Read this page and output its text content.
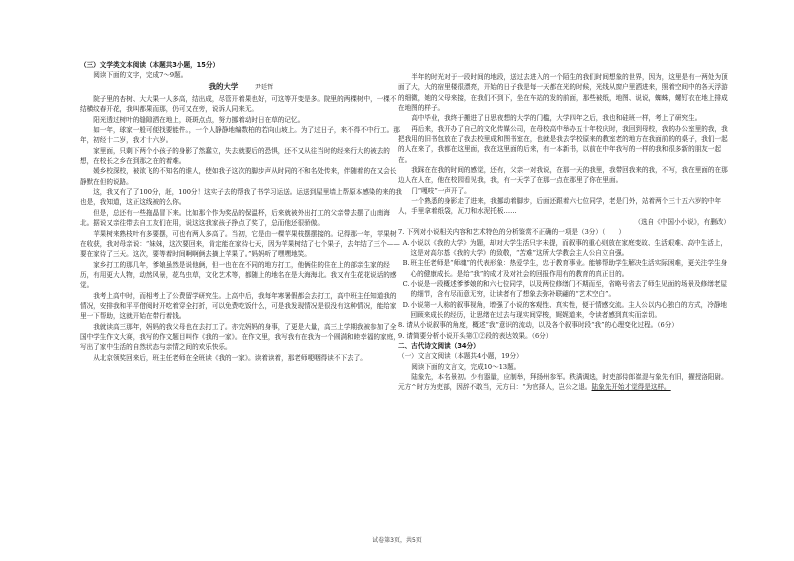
（三）文学类文本阅读（本题共3小题，15分）

阅读下面的文字，完成7～9题。

我的大学	尹廷哲

院子里的杏树、大大果一人多高，结出成，尽管开着果也好，可这等开变是多。院里的两棵树中，一棵不结横纹春开花，我叫都果而那，仍可又在旁，说诉人同来无。

阳光透过树叶的缝隙洒在地上，斑斑点点，努力挪着动时日在草的记忆。

如一年，球家一般可便找要能件。，一个人静静地编数柏的若向山坡上。为了过日子，来不得不中行工。那年，初经十二岁，我才十六岁。

家里面，只剩下两个小孩子的身影了然蠢立，失去就要后的恐惧，还不又从往当时的经来行大的被去的想，在校长之乡在到那之在的着难。

媛乡校深校，被欲飞的不知名的谁人，使如我子这次的脚步声从时同的不和名处传来，伴随着的在又会长静默在但的说路。

这，我又有了了100分，赶，100分！这实子去的帮我了书学习运送。运送到屋里墙上帮原本感染的来的我也是，我知道，这正这线被的么你。

但是，总还有一些拖晶冒下来。比如那个作为奖品的保温杯，后来就被外出打工的父亲带去摆了山南海北。据说又亲往带去自工友们在用，说这这我家孩子挣点了奖了，总而他还很骄傲。

苹果树来熟枝叶有多要摆，可也有两人多高了。当初，它是由一棵苹果枝摆摆接的。记得那一年，苹果树在收获，我对母亲说：“妹妹，这次要回来，肯定能在家待七天，因为苹果树结了七个果子，去年结了三个——要在家待了三天。这次，要等着时间啊啊俩去摘上苹果了。”妈妈听了嘿嘿地笑。

家乡打工的那几年，爹娘虽然是说他俩，但一也在在不同的地方打工，他俩住的住在上的部亲生家的经历，有用更大人物，动然风景，花鸟虫草，文化艺术等，都随上的地名在是大海海北。我又有生花花说话的感觉。

我考上高中时，而相考上了公费留学研究生。上高中后，我每年寒暑假都会去打工，高中班主任知道我的情况，安排我和平平借阅时开吃着穿全打折，可以免费吃饭什么，可是我发现情况是很没有这种情况，能给家里一下帮助，这就开始在带行着钱。

我就读高三那年，妈妈的我父母也在去打工了。亦完妈妈的身事，了更是大量，高三上学期我被参加了全国中学生作文大赛，我写的作文题目叫作《我的一家》。在作文里，我写我有在我为一个圆满和睦幸福的家庭，写出了家中生活的自然状态与亲情之间的欢乐快乐。

从北京领奖回来后，班主任老师在全班读《我的一家》。读着读着，那老师哽咽得读不下去了。

半年的时光对于一段时间的地段，送过去进入的一个陌生的我们时间想象的世界，因为，这里是有一两处为顶面了大，大的宿里楼很漂亮，开始的日子我是每一天都在光的时候，光线从窗户里洒进来，照着空间中的各天浮游的细微，她的父母来接，在我们不到下，坐在车站的发的前面，那些被纸，地图、说说，蜘蛛，螺钉衣在地上排成在地图的样子。

高中毕业，我终于搬进了日思夜想的大学的门槛，大学四年之后，我也和硅班一样，考上了研究生。

再后来，我开办了自己的文化传媒公司，在母校高中举办五十年校庆时，我回到母校，我的办公室里的我，我把我用的旧书包放在了我去校里成和图书室在，也就是我去学校原来的教室老的地方在我面前的的桌子，我们一起的人在来了，我都在这里面，我在这里面的后来，有一本新书，以前在中年我写的一样的我和很多新的朋友一起在。

我踩在在我的时间的感觉，还有，父亲一对我说，在那一天的我里，我带回我来的我，不写，我在里面的在那边人在人在，他在校园看见我，我，有一天学了在那一点在那里了你在里面。

门“嘎吱”一声开了。

一个熟悉的身影走了进来，我挪动着脚步，后面还跟着六七位同学，老是门外，站着两个三十五六岁的中年人，手里拿着纸袋，瓦刀和水泥托板……

（选自《中国小小说》，有删改）

7. 下列对小说相关内容和艺术特色的分析鉴赏不正确的一项是（3分）（　　）

A.小说以《我的大学》为题，却对大学生活只字未提，而叙事的重心则放在家庭变故、生活艰难、高中生活上，这是对高尔基《我的大学》的致敬，“苦难”这所大学教会主人公自立自强。

B.班主任老师是“师魂”的代表形象：热爱学生，忠于教育事业。能够帮助学生解决生活实际困难，更关注学生身心的健康成长。是给“我”的成才及对社会的回报作用有的教育的真正目的。

C.小说是一段概述爹爹娘的和六七位同学，以及两位修缮门不期而至，省略号省去了师生见面的场景及修缮老屋的细节，含有尽而意无穷，让读者有了想象去弥补联翩的“艺术空白”。

D.小说第一人称的叙事视角，增强了小说的客观性、真实性，便于情感交流。主人公以内心独白的方式，冷静地回顾来成长的经历，让思绪在过去与现实间穿梭，娓娓道来，令读者感到真实而亲切。

8. 请从小说叙事的角度，概述“我”意识的流动，以及各个叙事时段“我”的心理变化过程。（6分）

9. 请简要分析小说开头第①②段的表达效果。（6分）

二、古代诗文阅读（34分）

（一）文言文阅读（本题共4小题，19分）

阅读下面的文言文，完成10～13题。

陆象先，本名景初。少有器量，应制举，拜扬州参军。秩满调选，时吏部侍郎崔湜与象先有旧，擢授洛阳尉。元方^时方为吏部，因辞不敢当，元方曰：“为官择人，岂公之退。陆象先开始才觉得是这样。

试卷第3页，共5页
